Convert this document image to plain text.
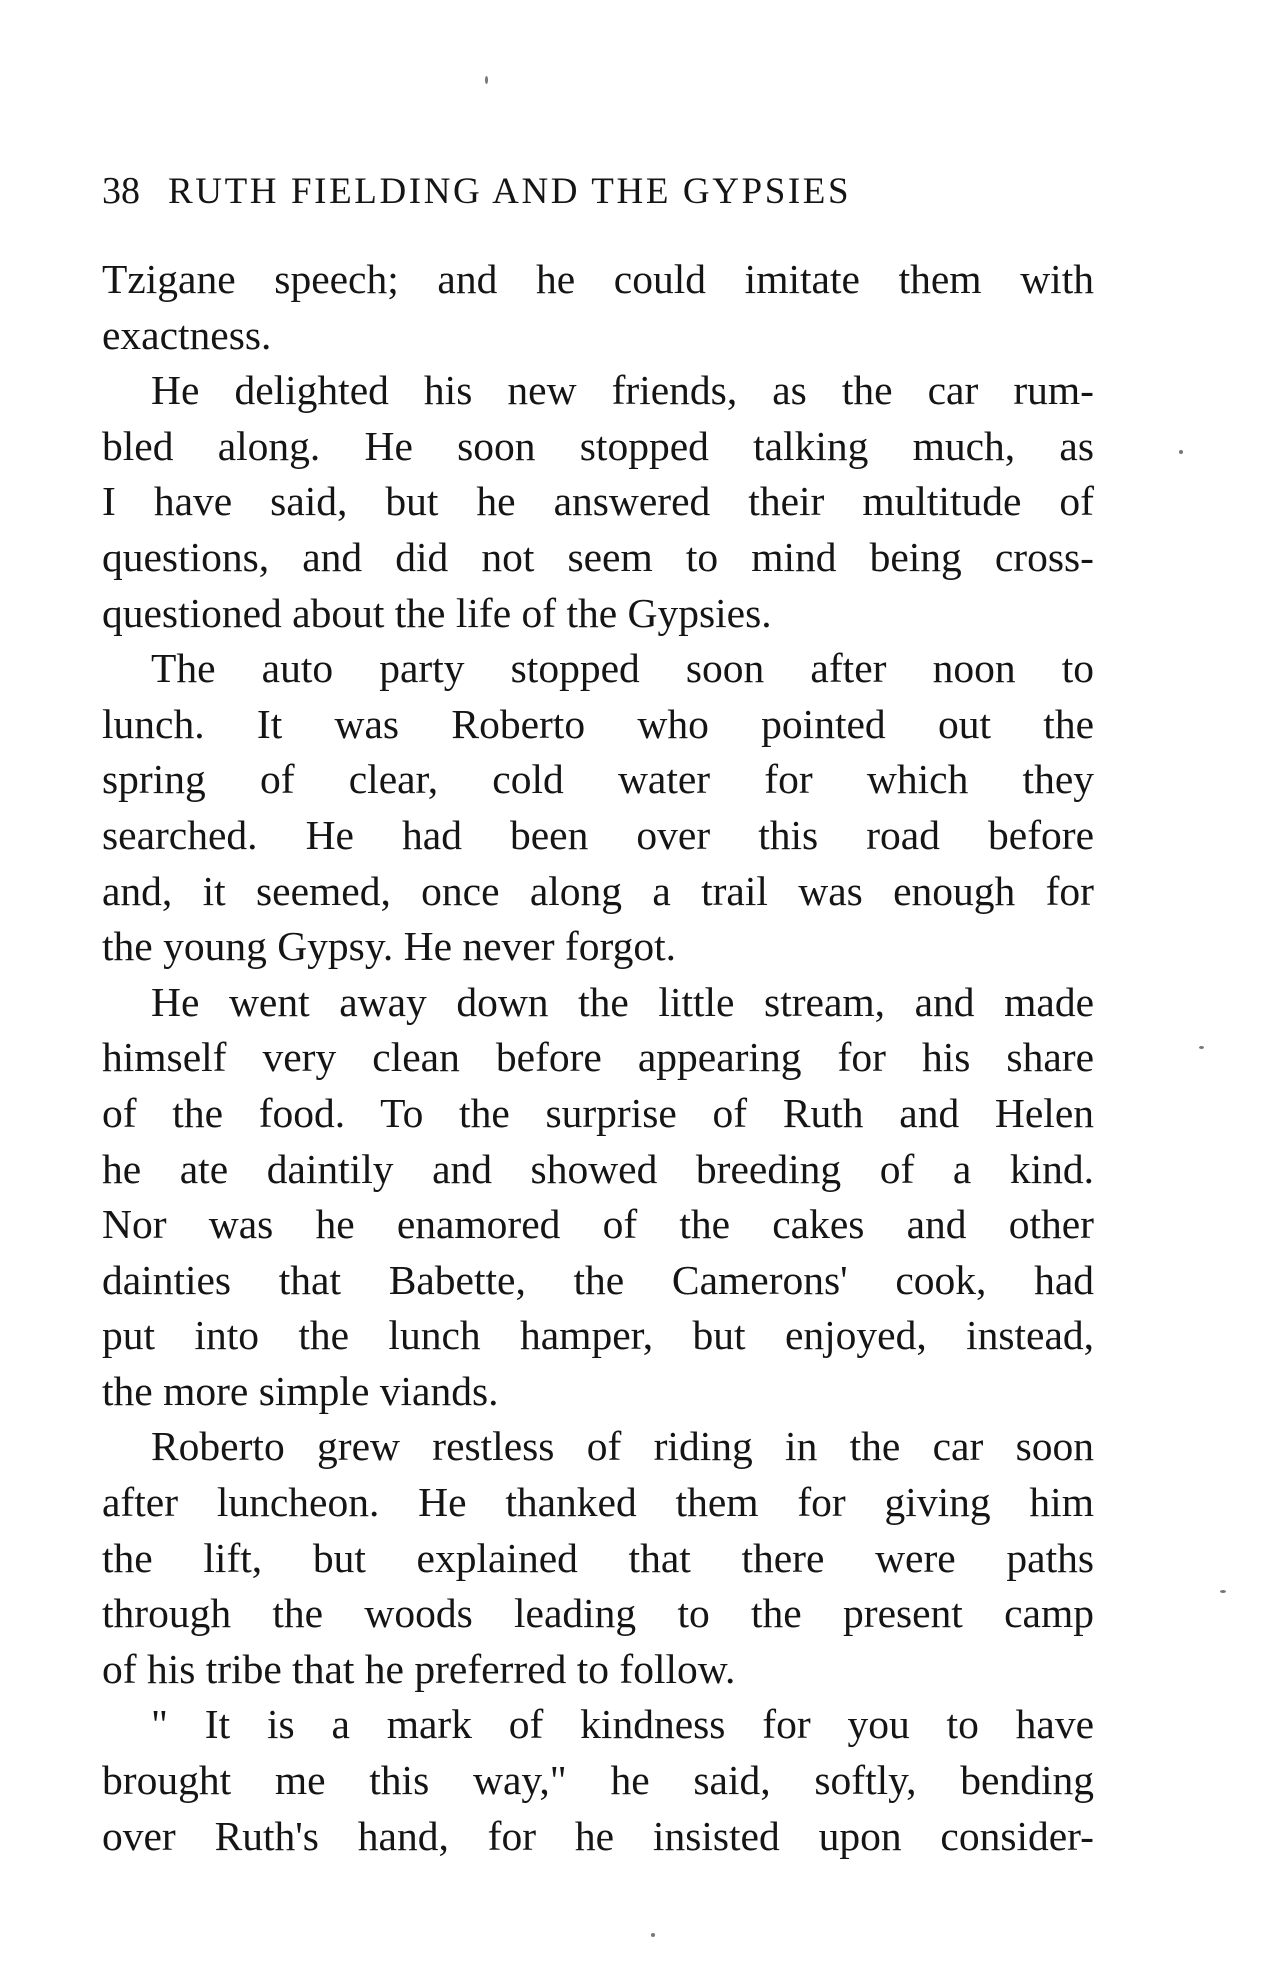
38 RUTH FIELDING AND THE GYPSIES
Tzigane speech; and he could imitate them with
exactness.
He delighted his new friends, as the car rum-
bled along. He soon stopped talking much, as
I have said, but he answered their multitude of
questions, and did not seem to mind being cross-
questioned about the life of the Gypsies.
The auto party stopped soon after noon to
lunch. It was Roberto who pointed out the
spring of clear, cold water for which they
searched. He had been over this road before
and, it seemed, once along a trail was enough for
the young Gypsy. He never forgot.
He went away down the little stream, and made
himself very clean before appearing for his share
of the food. To the surprise of Ruth and Helen
he ate daintily and showed breeding of a kind.
Nor was he enamored of the cakes and other
dainties that Babette, the Camerons' cook, had
put into the lunch hamper, but enjoyed, instead,
the more simple viands.
Roberto grew restless of riding in the car soon
after luncheon. He thanked them for giving him
the lift, but explained that there were paths
through the woods leading to the present camp
of his tribe that he preferred to follow.
" It is a mark of kindness for you to have
brought me this way," he said, softly, bending
over Ruth's hand, for he insisted upon consider-
